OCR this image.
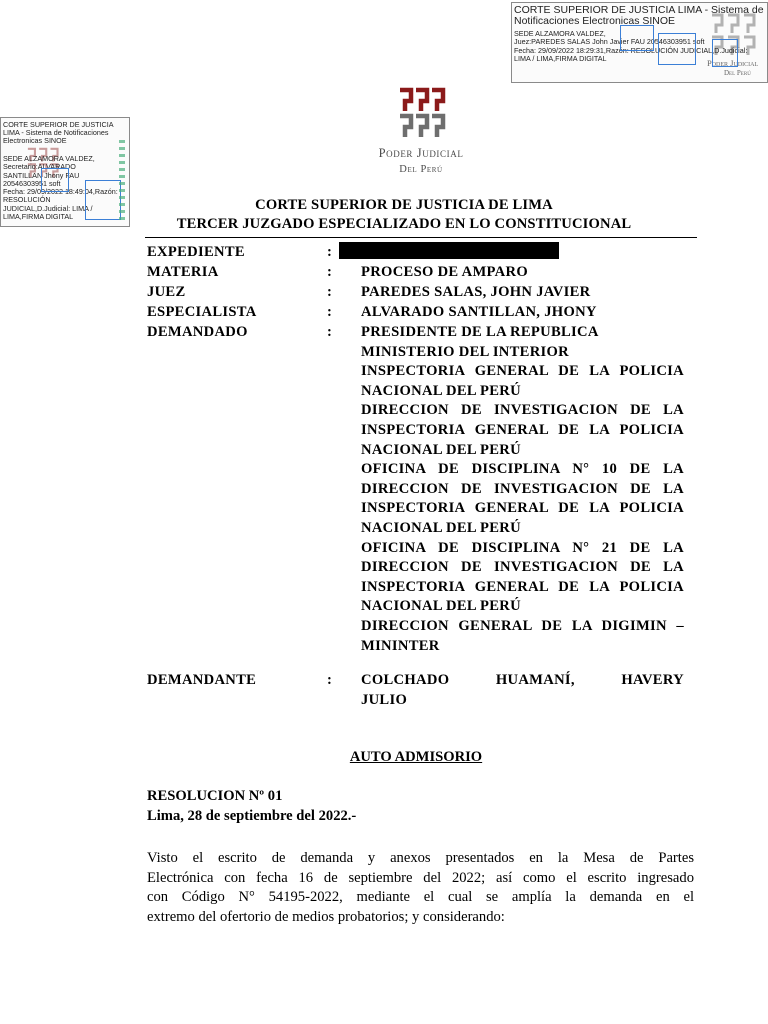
Poder Judicial
Del Perú
CORTE SUPERIOR DE JUSTICIA LIMA - Sistema de Notificaciones Electronicas SINOE
SEDE ALZAMORA VALDEZ,
Juez:PAREDES SALAS John Javier FAU 20546303951 soft
Fecha: 29/09/2022 18:29:31,Razón: RESOLUCIÓN JUDICIAL,D.Judicial:
LIMA / LIMA,FIRMA DIGITAL
CORTE SUPERIOR DE JUSTICIA LIMA - Sistema de Notificaciones Electronicas SINOE
SEDE ALZAMORA VALDEZ,
Secretario:ALVARADO
SANTILLAN Jhony FAU
20546303951 soft
Fecha: 29/09/2022 18:49:04,Razón:
RESOLUCIÓN
JUDICIAL,D.Judicial: LIMA /
LIMA,FIRMA DIGITAL
Poder Judicial
Del Perú
CORTE SUPERIOR DE JUSTICIA DE LIMA
TERCER JUZGADO ESPECIALIZADO EN LO CONSTITUCIONAL
EXPEDIENTE	:
MATERIA	: PROCESO DE AMPARO
JUEZ	: PAREDES SALAS, JOHN JAVIER
ESPECIALISTA	: ALVARADO SANTILLAN, JHONY
DEMANDADO	: PRESIDENTE DE LA REPUBLICA
MINISTERIO DEL INTERIOR
INSPECTORIA GENERAL DE LA POLICIA
NACIONAL DEL PERÚ
DIRECCION DE INVESTIGACION DE LA
INSPECTORIA GENERAL DE LA POLICIA
NACIONAL DEL PERÚ
OFICINA DE DISCIPLINA N° 10 DE LA
DIRECCION DE INVESTIGACION DE LA
INSPECTORIA GENERAL DE LA POLICIA
NACIONAL DEL PERÚ
OFICINA DE DISCIPLINA N° 21 DE LA
DIRECCION DE INVESTIGACION DE LA
INSPECTORIA GENERAL DE LA POLICIA
NACIONAL DEL PERÚ
DIRECCION GENERAL DE LA DIGIMIN –
MININTER
DEMANDANTE	: COLCHADO HUAMANÍ, HAVERY
JULIO
AUTO ADMISORIO
RESOLUCION Nº 01
Lima, 28 de septiembre del 2022.-
Visto el escrito de demanda y anexos presentados en la Mesa de Partes
Electrónica con fecha 16 de septiembre del 2022; así como el escrito ingresado
con Código N° 54195-2022, mediante el cual se amplía la demanda en el
extremo del ofertorio de medios probatorios; y considerando:
